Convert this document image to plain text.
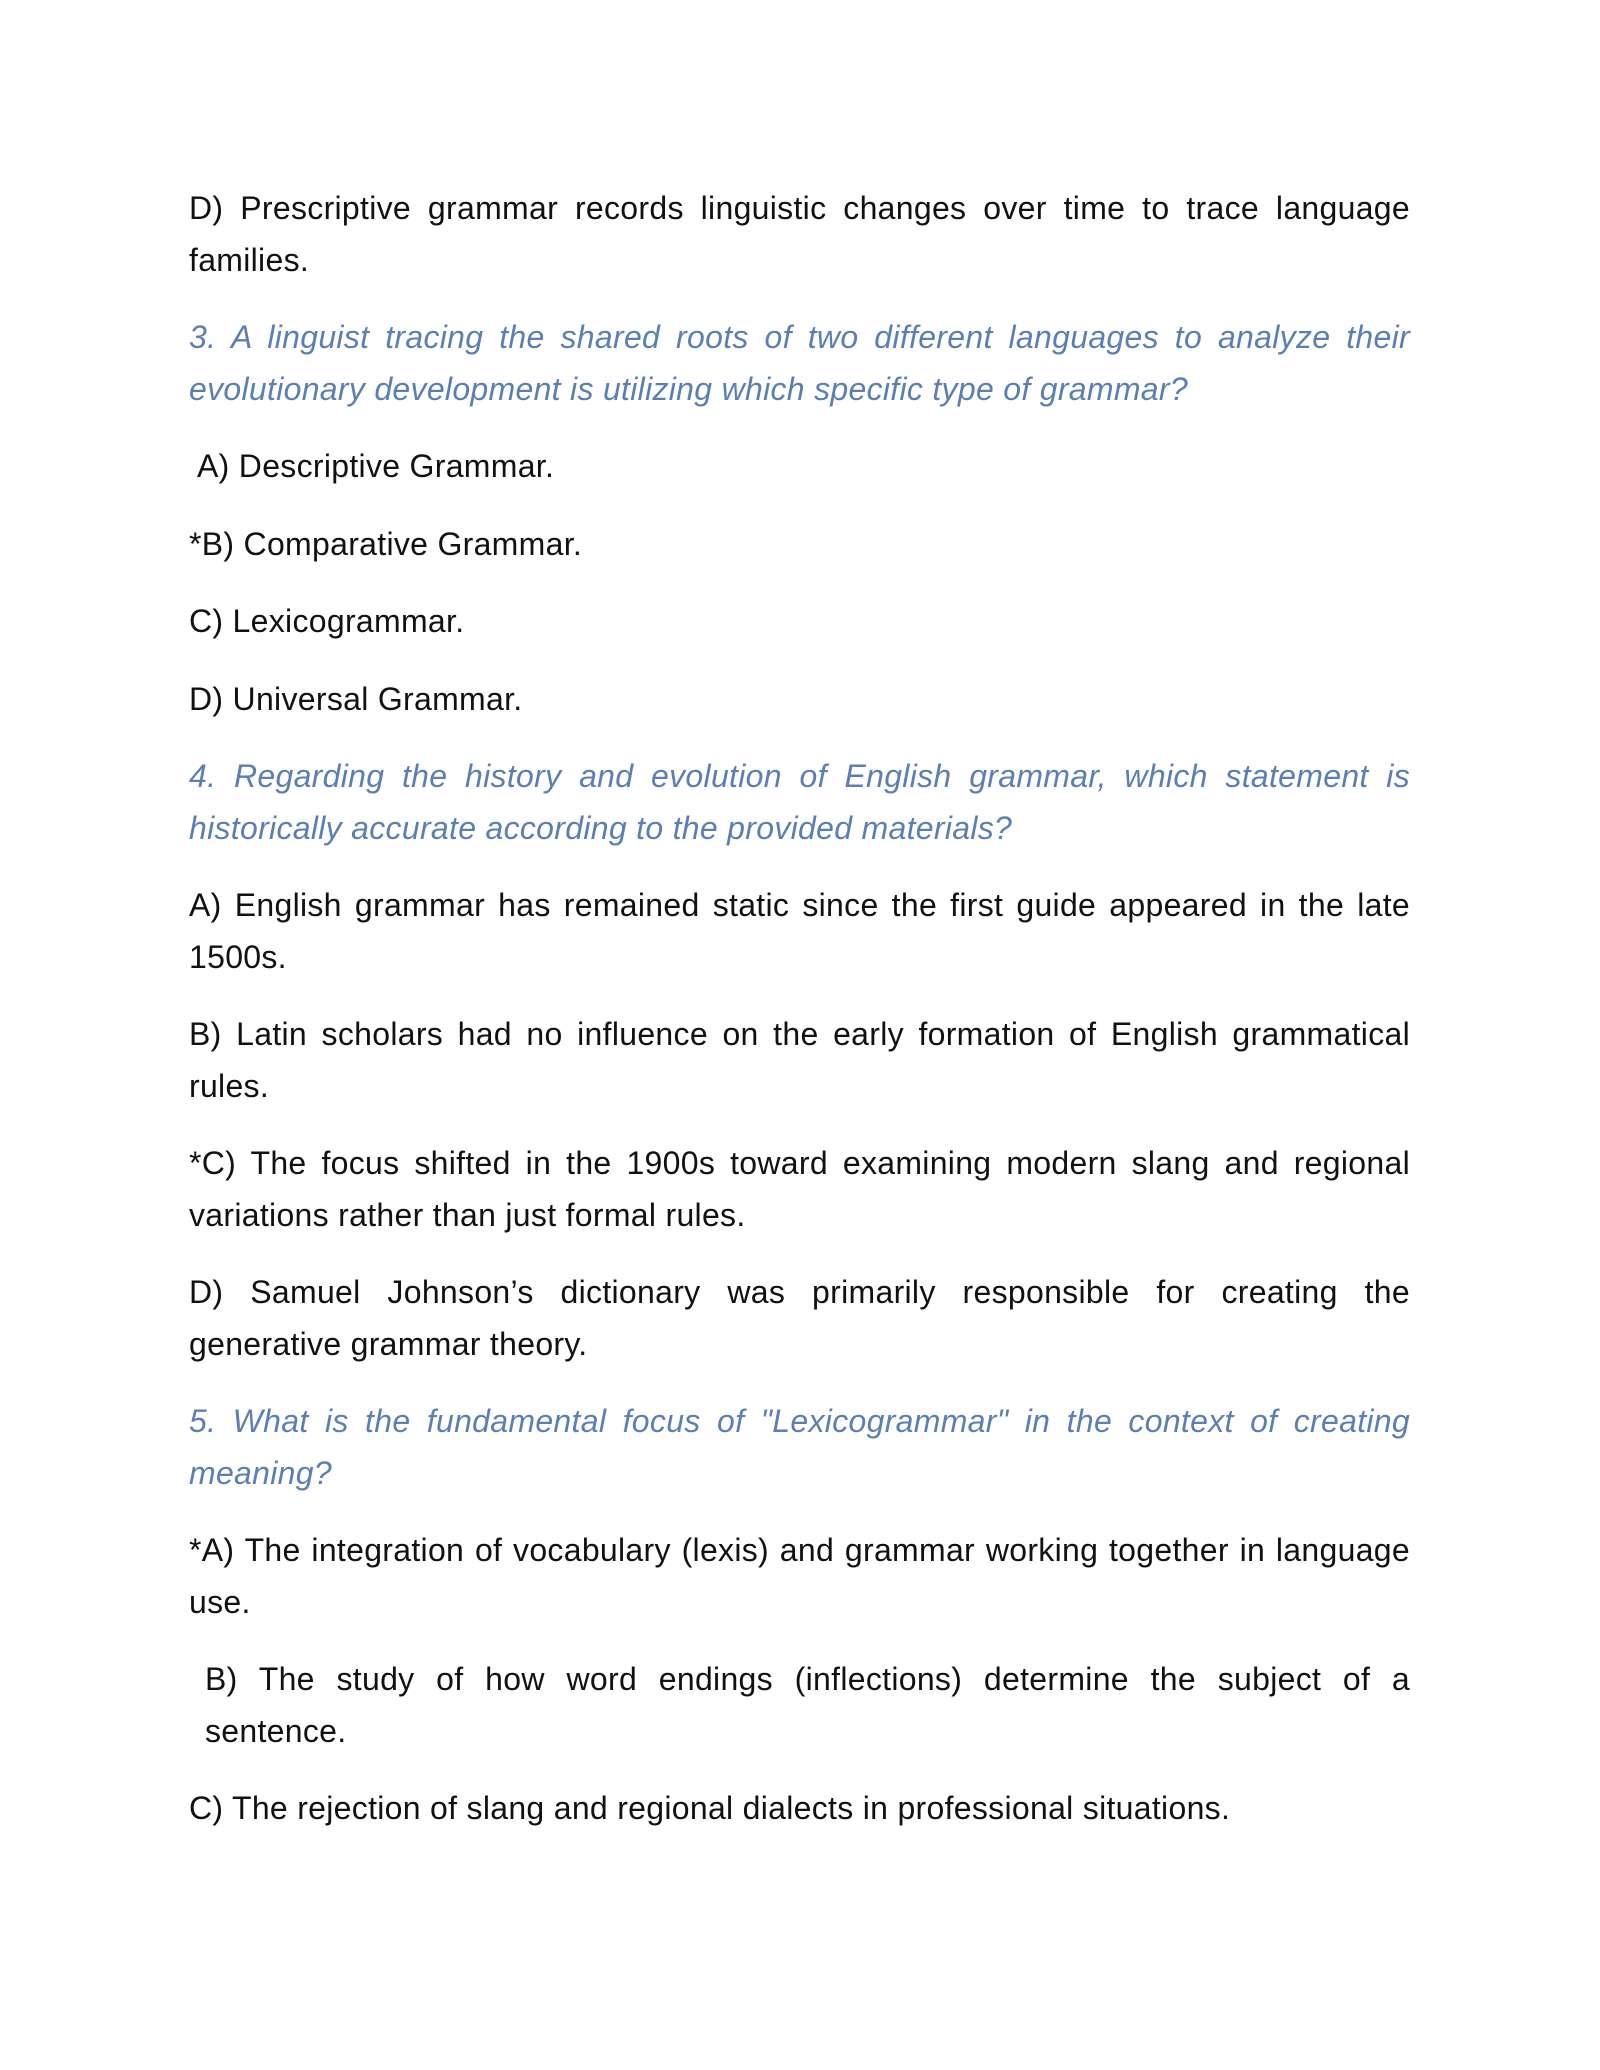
D) Prescriptive grammar records linguistic changes over time to trace language families.

3. A linguist tracing the shared roots of two different languages to analyze their evolutionary development is utilizing which specific type of grammar?

A) Descriptive Grammar.

*B) Comparative Grammar.

C) Lexicogrammar.

D) Universal Grammar.

4. Regarding the history and evolution of English grammar, which statement is historically accurate according to the provided materials?

A) English grammar has remained static since the first guide appeared in the late 1500s.

B) Latin scholars had no influence on the early formation of English grammatical rules.

*C) The focus shifted in the 1900s toward examining modern slang and regional variations rather than just formal rules.

D) Samuel Johnson’s dictionary was primarily responsible for creating the generative grammar theory.

5. What is the fundamental focus of "Lexicogrammar" in the context of creating meaning?

*A) The integration of vocabulary (lexis) and grammar working together in language use.

B) The study of how word endings (inflections) determine the subject of a sentence.

C) The rejection of slang and regional dialects in professional situations.
